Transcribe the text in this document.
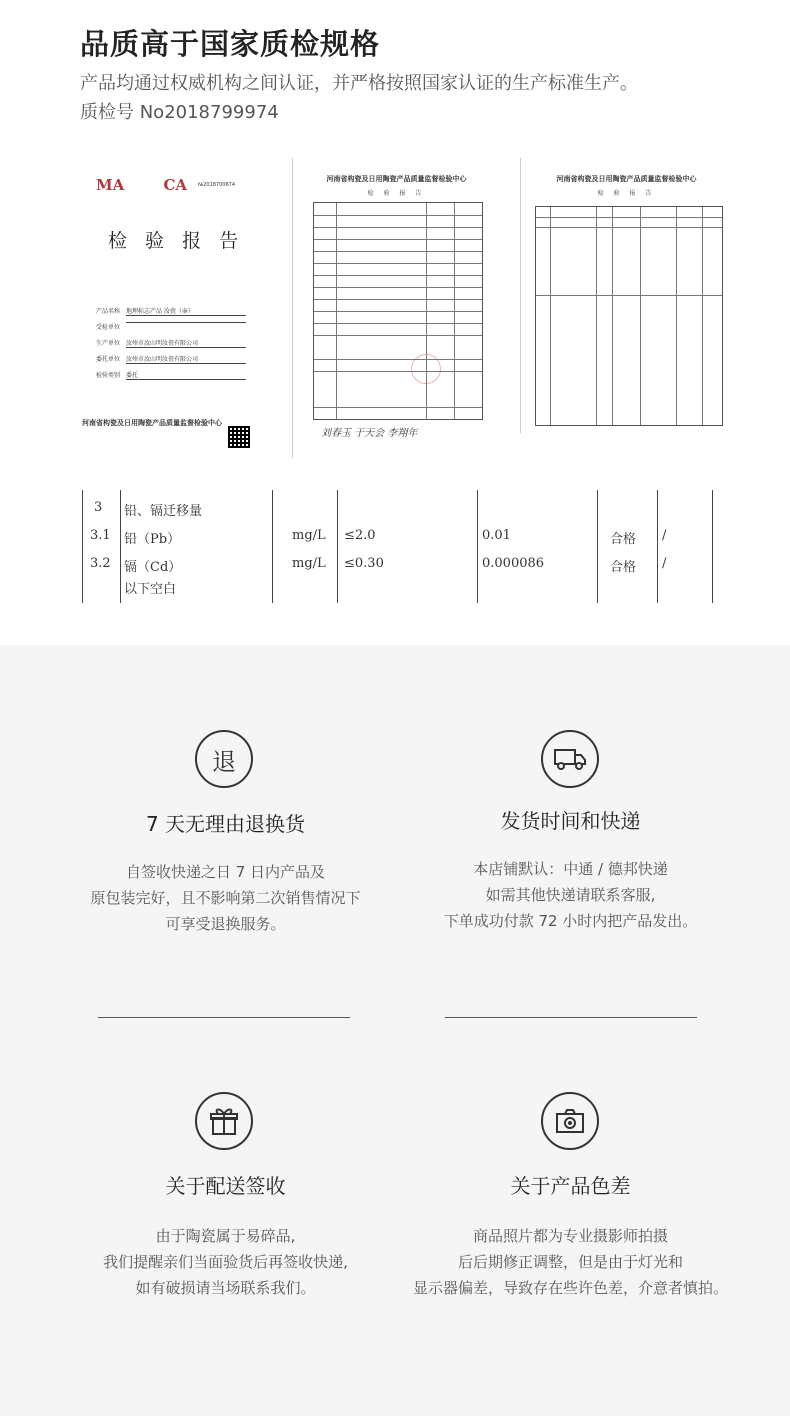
品质高于国家质检规格
产品均通过权威机构之间认证，并严格按照国家认证的生产标准生产。
质检号 No2018799974
№2018700674
检 验 报 告
产品名称 地理标志产品 汝瓷（壶）
受检单位
生产单位 汝州市汝山明汝瓷有限公司
委托单位 汝州市汝山明汝瓷有限公司
检验类别 委托
河南省构瓷及日用陶瓷产品质量监督检验中心
MA	CA	河南省构瓷及日用陶瓷产品质量监督检验中心
检 验 报 告
刘春玉 于天会 李翔年
河南省构瓷及日用陶瓷产品质量监督检验中心
检 验 报 告
3 铅、镉迁移量
3.1 铅（Pb）	mg/L ≤2.0	0.01	合格 /
3.2 镉（Cd）	mg/L ≤0.30	0.000086	合格 /
以下空白
退
7 天无理由退换货

自签收快递之日 7 日内产品及

原包装完好，且不影响第二次销售情况下

可享受退换服务。

发货时间和快递

本店铺默认：中通 / 德邦快递

如需其他快递请联系客服,

下单成功付款 72 小时内把产品发出。

关于配送签收

由于陶瓷属于易碎品,

我们提醒亲们当面验货后再签收快递,

如有破损请当场联系我们。

关于产品色差

商品照片都为专业摄影师拍摄

后后期修正调整，但是由于灯光和

显示器偏差，导致存在些许色差，介意者慎拍。
